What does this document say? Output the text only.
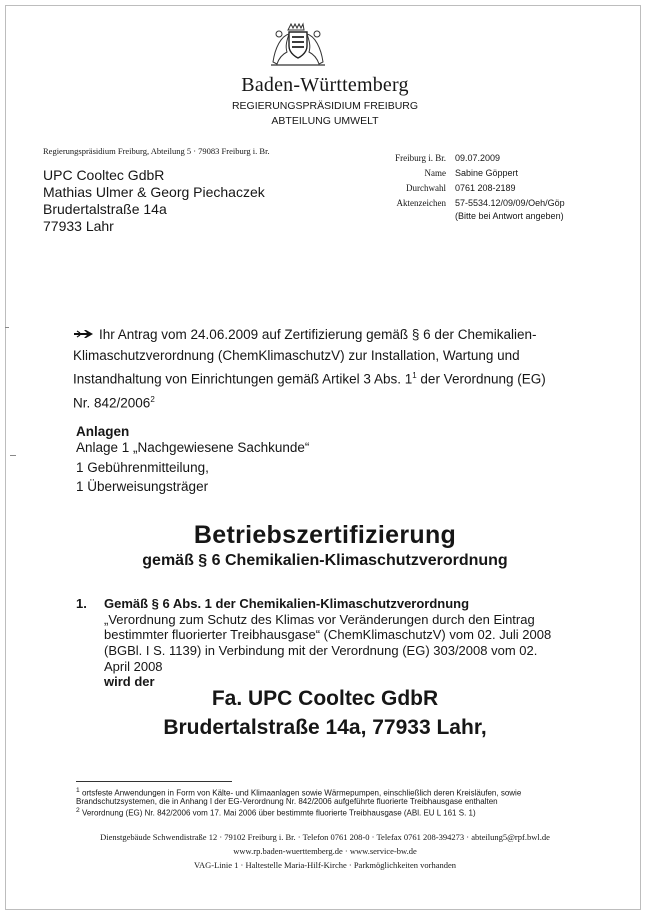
Baden-Württemberg
REGIERUNGSPRÄSIDIUM FREIBURG
ABTEILUNG UMWELT
Regierungspräsidium Freiburg, Abteilung 5 · 79083 Freiburg i. Br.
UPC Cooltec GdbR
Mathias Ulmer & Georg Piechaczek
Brudertalstraße 14a
77933 Lahr
Freiburg i. Br. 09.07.2009
Name Sabine Göppert
Durchwahl 0761 208-2189
Aktenzeichen 57-5534.12/09/09/Oeh/Göp
(Bitte bei Antwort angeben)
Ihr Antrag vom 24.06.2009 auf Zertifizierung gemäß § 6 der Chemikalien-
Klimaschutzverordnung (ChemKlimaschutzV) zur Installation, Wartung und
Instandhaltung von Einrichtungen gemäß Artikel 3 Abs. $1^1$ der Verordnung (EG)
Nr. 842/2006$^2$
Anlagen
Anlage 1 „Nachgewiesene Sachkunde“
1 Gebührenmitteilung,
1 Überweisungsträger
Betriebszertifizierung
gemäß § 6 Chemikalien-Klimaschutzverordnung
1. Gemäß § 6 Abs. 1 der Chemikalien-Klimaschutzverordnung
„Verordnung zum Schutz des Klimas vor Veränderungen durch den Eintrag
bestimmter fluorierter Treibhausgase“ (ChemKlimaschutzV) vom 02. Juli 2008
(BGBl. I S. 1139) in Verbindung mit der Verordnung (EG) 303/2008 vom 02.
April 2008
wird der
Fa. UPC Cooltec GdbR
Brudertalstraße 14a, 77933 Lahr,
$^1$ ortsfeste Anwendungen in Form von Kälte- und Klimaanlagen sowie Wärmepumpen, einschließlich deren Kreisläufen, sowie
Brandschutzsystemen, die in Anhang I der EG-Verordnung Nr. 842/2006 aufgeführte fluorierte Treibhausgase enthalten
$^2$ Verordnung (EG) Nr. 842/2006 vom 17. Mai 2006 über bestimmte fluorierte Treibhausgase (ABl. EU L 161 S. 1)
Dienstgebäude Schwendistraße 12 · 79102 Freiburg i. Br. · Telefon 0761 208-0 · Telefax 0761 208-394273 · abteilung5@rpf.bwl.de
www.rp.baden-wuerttemberg.de · www.service-bw.de
VAG-Linie 1 · Haltestelle Maria-Hilf-Kirche · Parkmöglichkeiten vorhanden
